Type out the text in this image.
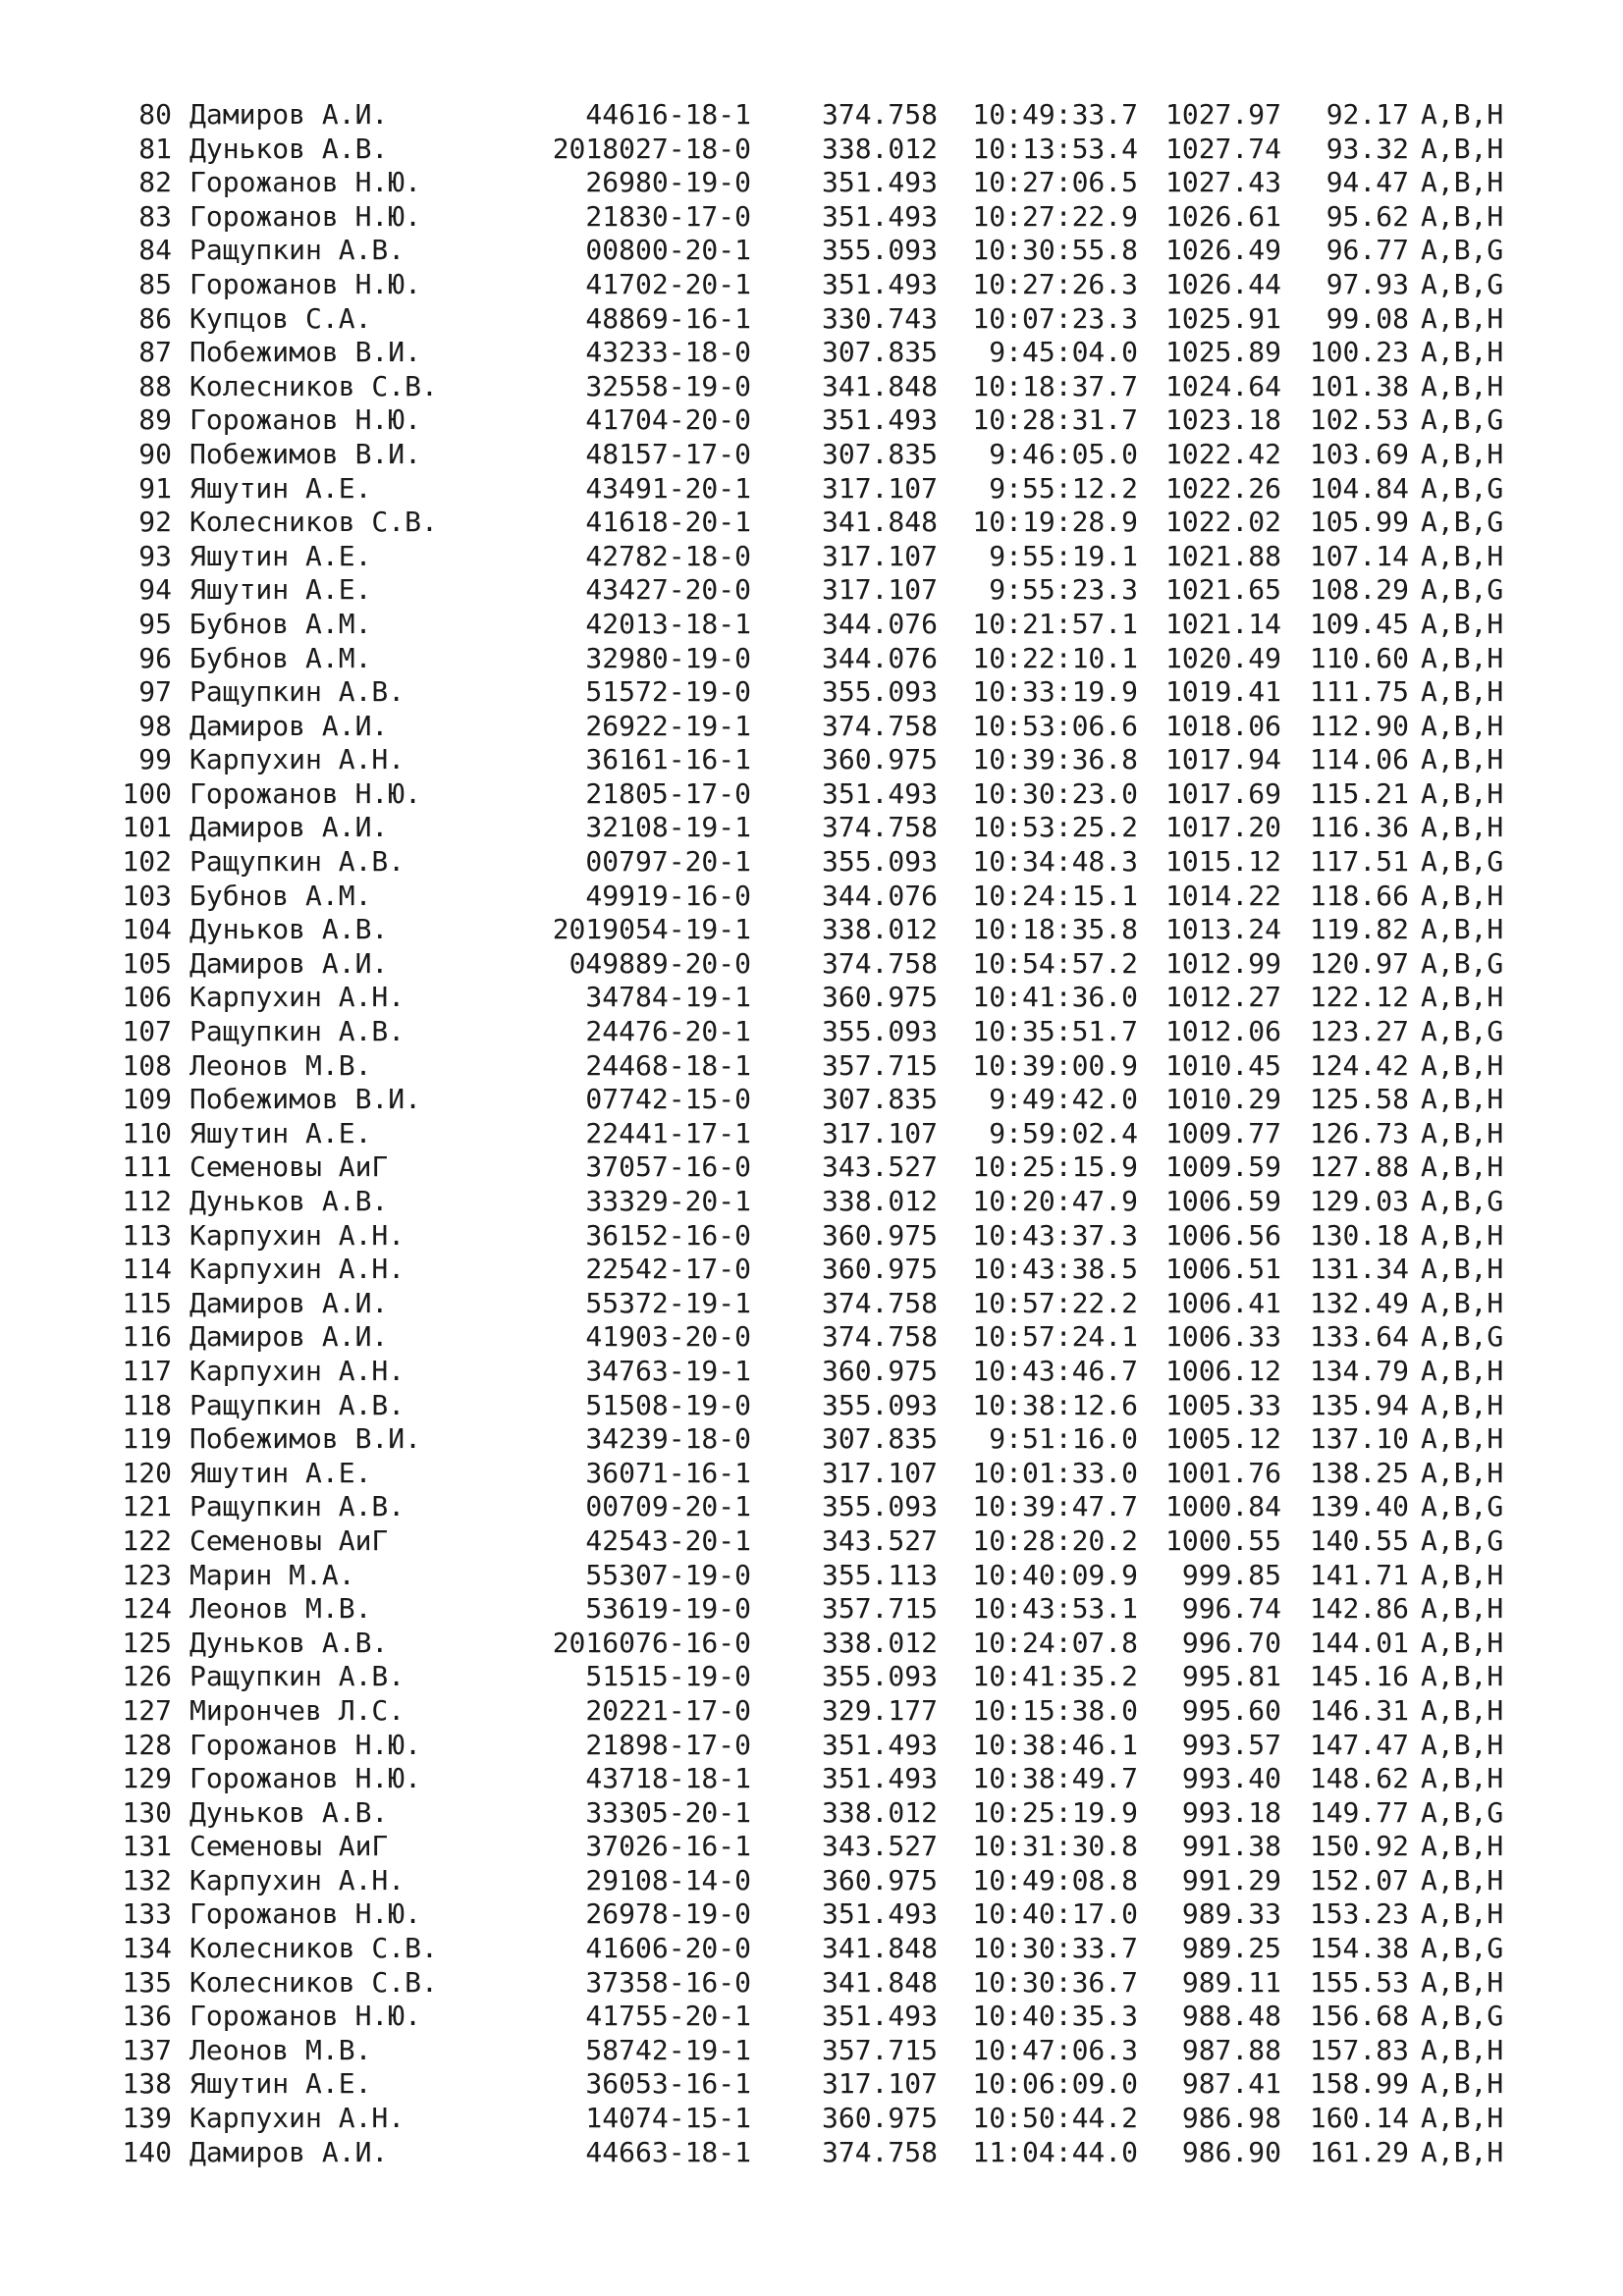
80 Дамиров А.И.	44616-18-1	374.758	10:49:33.7 1027.97	92.17 A,B,H
81 Дуньков А.В.	2018027-18-0	338.012	10:13:53.4 1027.74	93.32 A,B,H
82 Горожанов Н.Ю.	26980-19-0	351.493	10:27:06.5 1027.43	94.47 A,B,H
83 Горожанов Н.Ю.	21830-17-0	351.493	10:27:22.9 1026.61	95.62 A,B,H
84 Ращупкин А.В.	00800-20-1	355.093	10:30:55.8 1026.49	96.77 A,B,G
85 Горожанов Н.Ю.	41702-20-1	351.493	10:27:26.3 1026.44	97.93 A,B,G
86 Купцов С.А.	48869-16-1	330.743	10:07:23.3 1025.91	99.08 A,B,H
87 Побежимов В.И.	43233-18-0	307.835	9:45:04.0 1025.89	100.23 A,B,H
88 Колесников С.В.	32558-19-0	341.848	10:18:37.7 1024.64	101.38 A,B,H
89 Горожанов Н.Ю.	41704-20-0	351.493	10:28:31.7 1023.18	102.53 A,B,G
90 Побежимов В.И.	48157-17-0	307.835	9:46:05.0 1022.42	103.69 A,B,H
91 Яшутин А.Е.	43491-20-1	317.107	9:55:12.2 1022.26	104.84 A,B,G
92 Колесников С.В.	41618-20-1	341.848	10:19:28.9 1022.02	105.99 A,B,G
93 Яшутин А.Е.	42782-18-0	317.107	9:55:19.1 1021.88	107.14 A,B,H
94 Яшутин А.Е.	43427-20-0	317.107	9:55:23.3 1021.65	108.29 A,B,G
95 Бубнов А.М.	42013-18-1	344.076	10:21:57.1 1021.14	109.45 A,B,H
96 Бубнов А.М.	32980-19-0	344.076	10:22:10.1 1020.49	110.60 A,B,H
97 Ращупкин А.В.	51572-19-0	355.093	10:33:19.9 1019.41	111.75 A,B,H
98 Дамиров А.И.	26922-19-1	374.758	10:53:06.6 1018.06	112.90 A,B,H
99 Карпухин А.Н.	36161-16-1	360.975	10:39:36.8 1017.94	114.06 A,B,H
100 Горожанов Н.Ю.	21805-17-0	351.493	10:30:23.0 1017.69	115.21 A,B,H
101 Дамиров А.И.	32108-19-1	374.758	10:53:25.2 1017.20	116.36 A,B,H
102 Ращупкин А.В.	00797-20-1	355.093	10:34:48.3 1015.12	117.51 A,B,G
103 Бубнов А.М.	49919-16-0	344.076	10:24:15.1 1014.22	118.66 A,B,H
104 Дуньков А.В.	2019054-19-1	338.012	10:18:35.8 1013.24	119.82 A,B,H
105 Дамиров А.И.	049889-20-0	374.758	10:54:57.2 1012.99	120.97 A,B,G
106 Карпухин А.Н.	34784-19-1	360.975	10:41:36.0 1012.27	122.12 A,B,H
107 Ращупкин А.В.	24476-20-1	355.093	10:35:51.7 1012.06	123.27 A,B,G
108 Леонов М.В.	24468-18-1	357.715	10:39:00.9 1010.45	124.42 A,B,H
109 Побежимов В.И.	07742-15-0	307.835	9:49:42.0 1010.29	125.58 A,B,H
110 Яшутин А.Е.	22441-17-1	317.107	9:59:02.4 1009.77	126.73 A,B,H
111 Семеновы АиГ	37057-16-0	343.527	10:25:15.9 1009.59	127.88 A,B,H
112 Дуньков А.В.	33329-20-1	338.012	10:20:47.9 1006.59	129.03 A,B,G
113 Карпухин А.Н.	36152-16-0	360.975	10:43:37.3 1006.56	130.18 A,B,H
114 Карпухин А.Н.	22542-17-0	360.975	10:43:38.5 1006.51	131.34 A,B,H
115 Дамиров А.И.	55372-19-1	374.758	10:57:22.2 1006.41	132.49 A,B,H
116 Дамиров А.И.	41903-20-0	374.758	10:57:24.1 1006.33	133.64 A,B,G
117 Карпухин А.Н.	34763-19-1	360.975	10:43:46.7 1006.12	134.79 A,B,H
118 Ращупкин А.В.	51508-19-0	355.093	10:38:12.6 1005.33	135.94 A,B,H
119 Побежимов В.И.	34239-18-0	307.835	9:51:16.0 1005.12	137.10 A,B,H
120 Яшутин А.Е.	36071-16-1	317.107	10:01:33.0 1001.76	138.25 A,B,H
121 Ращупкин А.В.	00709-20-1	355.093	10:39:47.7 1000.84	139.40 A,B,G
122 Семеновы АиГ	42543-20-1	343.527	10:28:20.2 1000.55	140.55 A,B,G
123 Марин М.А.	55307-19-0	355.113	10:40:09.9	999.85	141.71 A,B,H
124 Леонов М.В.	53619-19-0	357.715	10:43:53.1	996.74	142.86 A,B,H
125 Дуньков А.В.	2016076-16-0	338.012	10:24:07.8	996.70	144.01 A,B,H
126 Ращупкин А.В.	51515-19-0	355.093	10:41:35.2	995.81	145.16 A,B,H
127 Мирончев Л.С.	20221-17-0	329.177	10:15:38.0	995.60	146.31 A,B,H
128 Горожанов Н.Ю.	21898-17-0	351.493	10:38:46.1	993.57	147.47 A,B,H
129 Горожанов Н.Ю.	43718-18-1	351.493	10:38:49.7	993.40	148.62 A,B,H
130 Дуньков А.В.	33305-20-1	338.012	10:25:19.9	993.18	149.77 A,B,G
131 Семеновы АиГ	37026-16-1	343.527	10:31:30.8	991.38	150.92 A,B,H
132 Карпухин А.Н.	29108-14-0	360.975	10:49:08.8	991.29	152.07 A,B,H
133 Горожанов Н.Ю.	26978-19-0	351.493	10:40:17.0	989.33	153.23 A,B,H
134 Колесников С.В.	41606-20-0	341.848	10:30:33.7	989.25	154.38 A,B,G
135 Колесников С.В.	37358-16-0	341.848	10:30:36.7	989.11	155.53 A,B,H
136 Горожанов Н.Ю.	41755-20-1	351.493	10:40:35.3	988.48	156.68 A,B,G
137 Леонов М.В.	58742-19-1	357.715	10:47:06.3	987.88	157.83 A,B,H
138 Яшутин А.Е.	36053-16-1	317.107	10:06:09.0	987.41	158.99 A,B,H
139 Карпухин А.Н.	14074-15-1	360.975	10:50:44.2	986.98	160.14 A,B,H
140 Дамиров А.И.	44663-18-1	374.758	11:04:44.0	986.90	161.29 A,B,H
